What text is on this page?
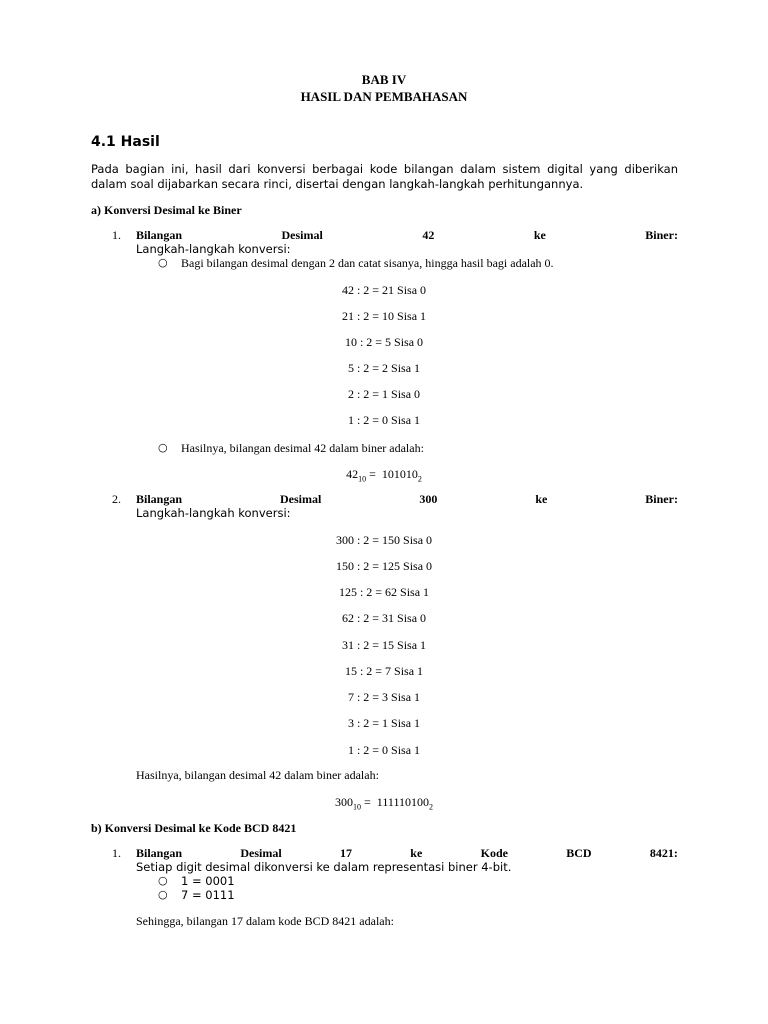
BAB IV
HASIL DAN PEMBAHASAN
4.1 Hasil
Pada bagian ini, hasil dari konversi berbagai kode bilangan dalam sistem digital yang diberikan dalam soal dijabarkan secara rinci, disertai dengan langkah-langkah perhitungannya.
a) Konversi Desimal ke Biner
1. Bilangan	Desimal	42	ke	Biner:
Langkah-langkah konversi:
○ Bagi bilangan desimal dengan 2 dan catat sisanya, hingga hasil bagi adalah 0.
42 : 2 = 21 Sisa 0
21 : 2 = 10 Sisa 1
10 : 2 = 5 Sisa 0
5 : 2 = 2 Sisa 1
2 : 2 = 1 Sisa 0
1 : 2 = 0 Sisa 1
○ Hasilnya, bilangan desimal 42 dalam biner adalah:
$42_{10} = 101010_2$
2. Bilangan	Desimal	300	ke	Biner:
Langkah-langkah konversi:
300 : 2 = 150 Sisa 0
150 : 2 = 125 Sisa 0
125 : 2 = 62 Sisa 1
62 : 2 = 31 Sisa 0
31 : 2 = 15 Sisa 1
15 : 2 = 7 Sisa 1
7 : 2 = 3 Sisa 1
3 : 2 = 1 Sisa 1
1 : 2 = 0 Sisa 1
Hasilnya, bilangan desimal 42 dalam biner adalah:
$300_{10} = 111110100_2$
b) Konversi Desimal ke Kode BCD 8421
1. Bilangan	Desimal	17	ke	Kode	BCD	8421:
Setiap digit desimal dikonversi ke dalam representasi biner 4-bit.
○ 1 = 0001
○ 7 = 0111
Sehingga, bilangan 17 dalam kode BCD 8421 adalah:
